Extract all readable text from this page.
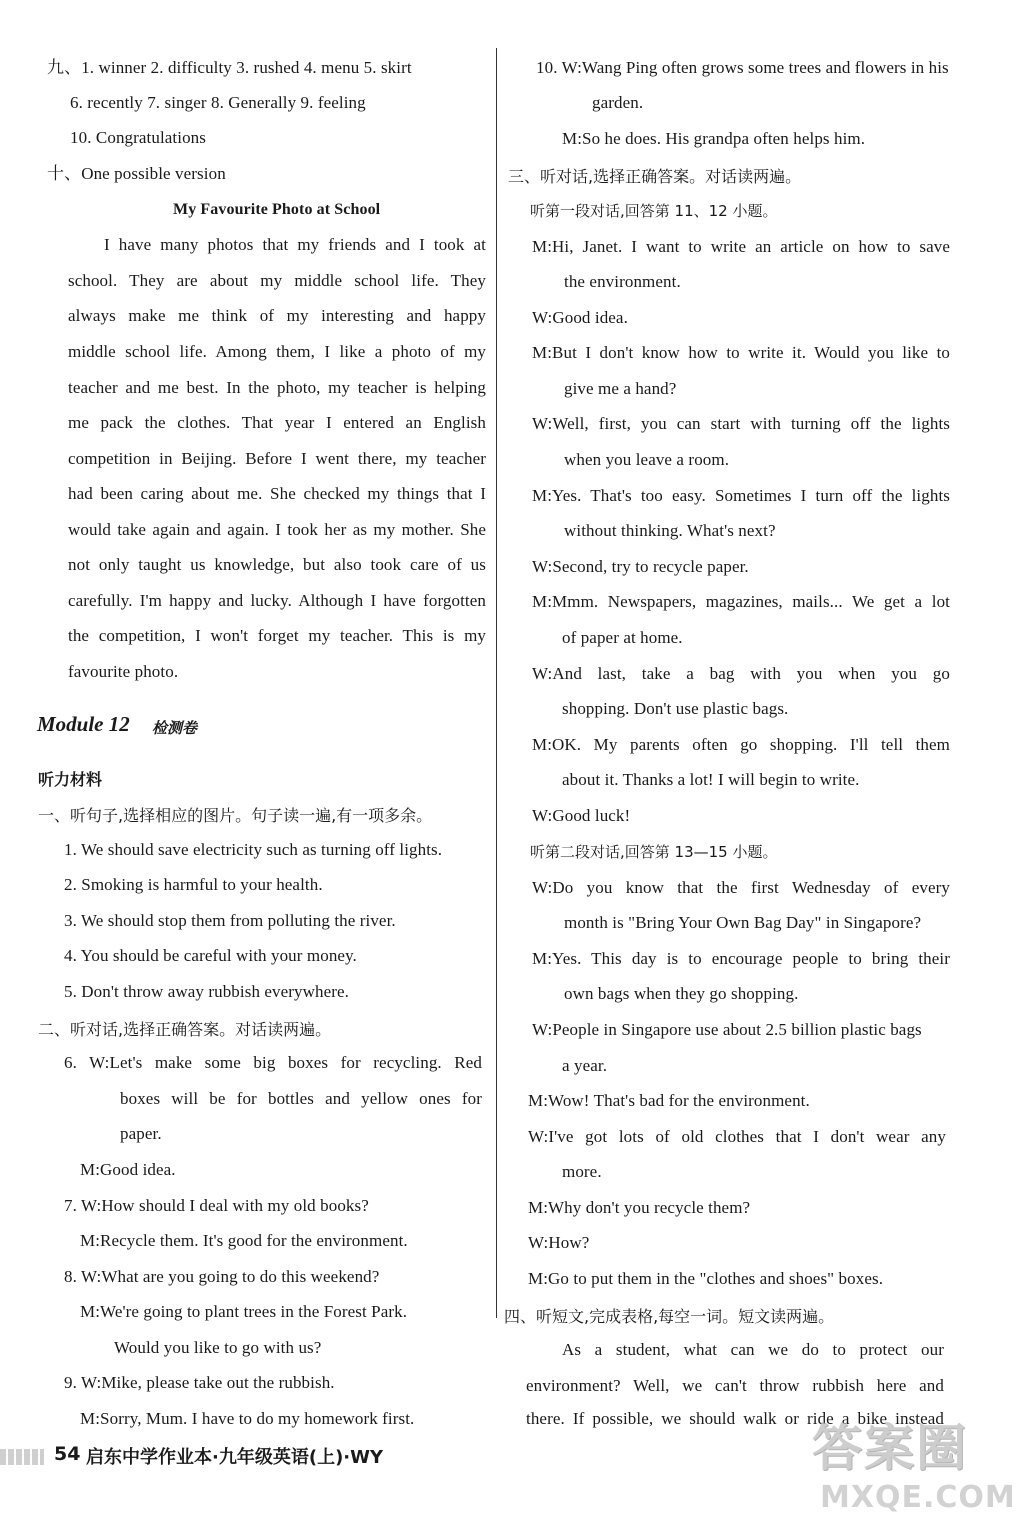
九、1. winner 2. difficulty 3. rushed 4. menu 5. skirt
6. recently 7. singer 8. Generally 9. feeling
10. Congratulations
十、One possible version
My Favourite Photo at School
I have many photos that my friends and I took at
school. They are about my middle school life. They
always make me think of my interesting and happy
middle school life. Among them, I like a photo of my
teacher and me best. In the photo, my teacher is helping
me pack the clothes. That year I entered an English
competition in Beijing. Before I went there, my teacher
had been caring about me. She checked my things that I
would take again and again. I took her as my mother. She
not only taught us knowledge, but also took care of us
carefully. I'm happy and lucky. Although I have forgotten
the competition, I won't forget my teacher. This is my
favourite photo.
Module 12 检测卷
听力材料
一、听句子,选择相应的图片。句子读一遍,有一项多余。
1. We should save electricity such as turning off lights.
2. Smoking is harmful to your health.
3. We should stop them from polluting the river.
4. You should be careful with your money.
5. Don't throw away rubbish everywhere.
二、听对话,选择正确答案。对话读两遍。
6. W:Let's make some big boxes for recycling. Red
boxes will be for bottles and yellow ones for
paper.
M:Good idea.
7. W:How should I deal with my old books?
M:Recycle them. It's good for the environment.
8. W:What are you going to do this weekend?
M:We're going to plant trees in the Forest Park.
Would you like to go with us?
9. W:Mike, please take out the rubbish.
M:Sorry, Mum. I have to do my homework first.
10. W:Wang Ping often grows some trees and flowers in his
garden.
M:So he does. His grandpa often helps him.
三、听对话,选择正确答案。对话读两遍。
听第一段对话,回答第 11、12 小题。
M:Hi, Janet. I want to write an article on how to save
the environment.
W:Good idea.
M:But I don't know how to write it. Would you like to
give me a hand?
W:Well, first, you can start with turning off the lights
when you leave a room.
M:Yes. That's too easy. Sometimes I turn off the lights
without thinking. What's next?
W:Second, try to recycle paper.
M:Mmm. Newspapers, magazines, mails... We get a lot
of paper at home.
W:And last, take a bag with you when you go
shopping. Don't use plastic bags.
M:OK. My parents often go shopping. I'll tell them
about it. Thanks a lot! I will begin to write.
W:Good luck!
听第二段对话,回答第 13—15 小题。
W:Do you know that the first Wednesday of every
month is "Bring Your Own Bag Day" in Singapore?
M:Yes. This day is to encourage people to bring their
own bags when they go shopping.
W:People in Singapore use about 2.5 billion plastic bags
a year.
M:Wow! That's bad for the environment.
W:I've got lots of old clothes that I don't wear any
more.
M:Why don't you recycle them?
W:How?
M:Go to put them in the "clothes and shoes" boxes.
四、听短文,完成表格,每空一词。短文读两遍。
As a student, what can we do to protect our
environment? Well, we can't throw rubbish here and
there. If possible, we should walk or ride a bike instead
54 启东中学作业本·九年级英语(上)·WY	答案圈
MXQE.COM
